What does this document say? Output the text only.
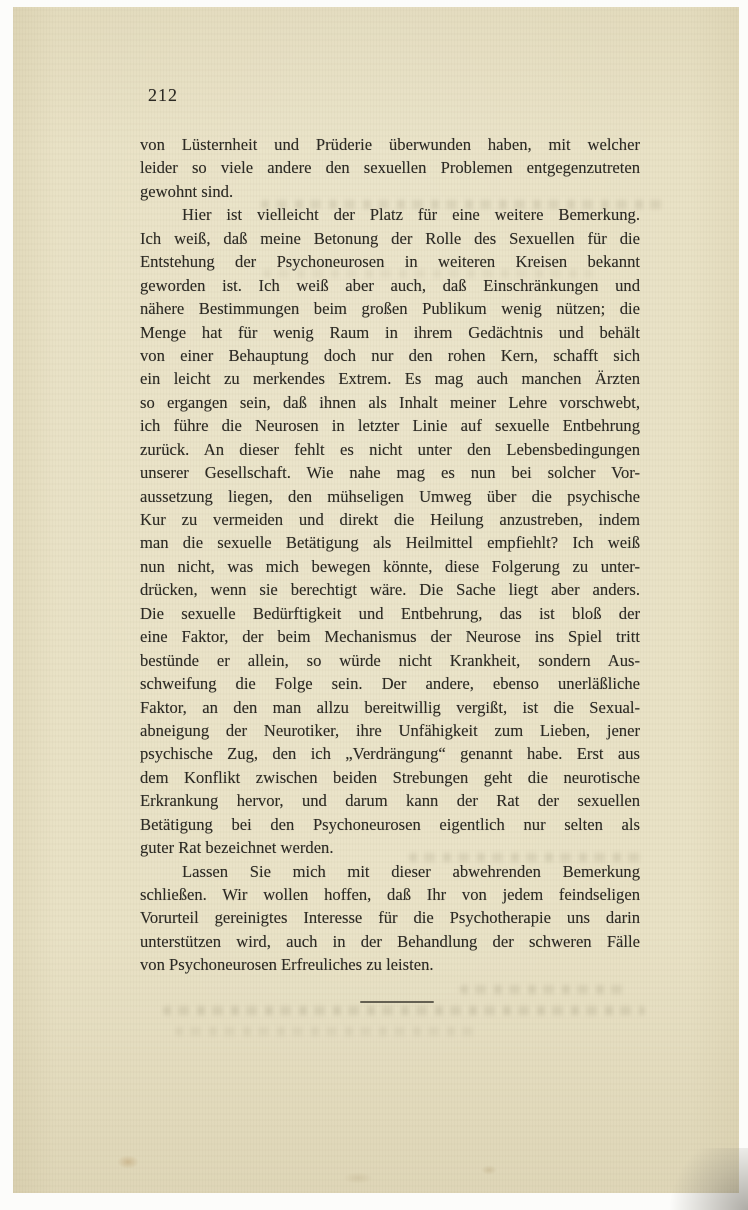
212
von Lüsternheit und Prüderie überwunden haben, mit welcher
leider so viele andere den sexuellen Problemen entgegenzutreten
gewohnt sind.
Hier ist vielleicht der Platz für eine weitere Bemerkung.
Ich weiß, daß meine Betonung der Rolle des Sexuellen für die
Entstehung der Psychoneurosen in weiteren Kreisen bekannt
geworden ist. Ich weiß aber auch, daß Einschränkungen und
nähere Bestimmungen beim großen Publikum wenig nützen; die
Menge hat für wenig Raum in ihrem Gedächtnis und behält
von einer Behauptung doch nur den rohen Kern, schafft sich
ein leicht zu merkendes Extrem. Es mag auch manchen Ärzten
so ergangen sein, daß ihnen als Inhalt meiner Lehre vorschwebt,
ich führe die Neurosen in letzter Linie auf sexuelle Entbehrung
zurück. An dieser fehlt es nicht unter den Lebensbedingungen
unserer Gesellschaft. Wie nahe mag es nun bei solcher Vor-
aussetzung liegen, den mühseligen Umweg über die psychische
Kur zu vermeiden und direkt die Heilung anzustreben, indem
man die sexuelle Betätigung als Heilmittel empfiehlt? Ich weiß
nun nicht, was mich bewegen könnte, diese Folgerung zu unter-
drücken, wenn sie berechtigt wäre. Die Sache liegt aber anders.
Die sexuelle Bedürftigkeit und Entbehrung, das ist bloß der
eine Faktor, der beim Mechanismus der Neurose ins Spiel tritt
bestünde er allein, so würde nicht Krankheit, sondern Aus-
schweifung die Folge sein. Der andere, ebenso unerläßliche
Faktor, an den man allzu bereitwillig vergißt, ist die Sexual-
abneigung der Neurotiker, ihre Unfähigkeit zum Lieben, jener
psychische Zug, den ich „Verdrängung“ genannt habe. Erst aus
dem Konflikt zwischen beiden Strebungen geht die neurotische
Erkrankung hervor, und darum kann der Rat der sexuellen
Betätigung bei den Psychoneurosen eigentlich nur selten als
guter Rat bezeichnet werden.
Lassen Sie mich mit dieser abwehrenden Bemerkung
schließen. Wir wollen hoffen, daß Ihr von jedem feindseligen
Vorurteil gereinigtes Interesse für die Psychotherapie uns darin
unterstützen wird, auch in der Behandlung der schweren Fälle
von Psychoneurosen Erfreuliches zu leisten.
